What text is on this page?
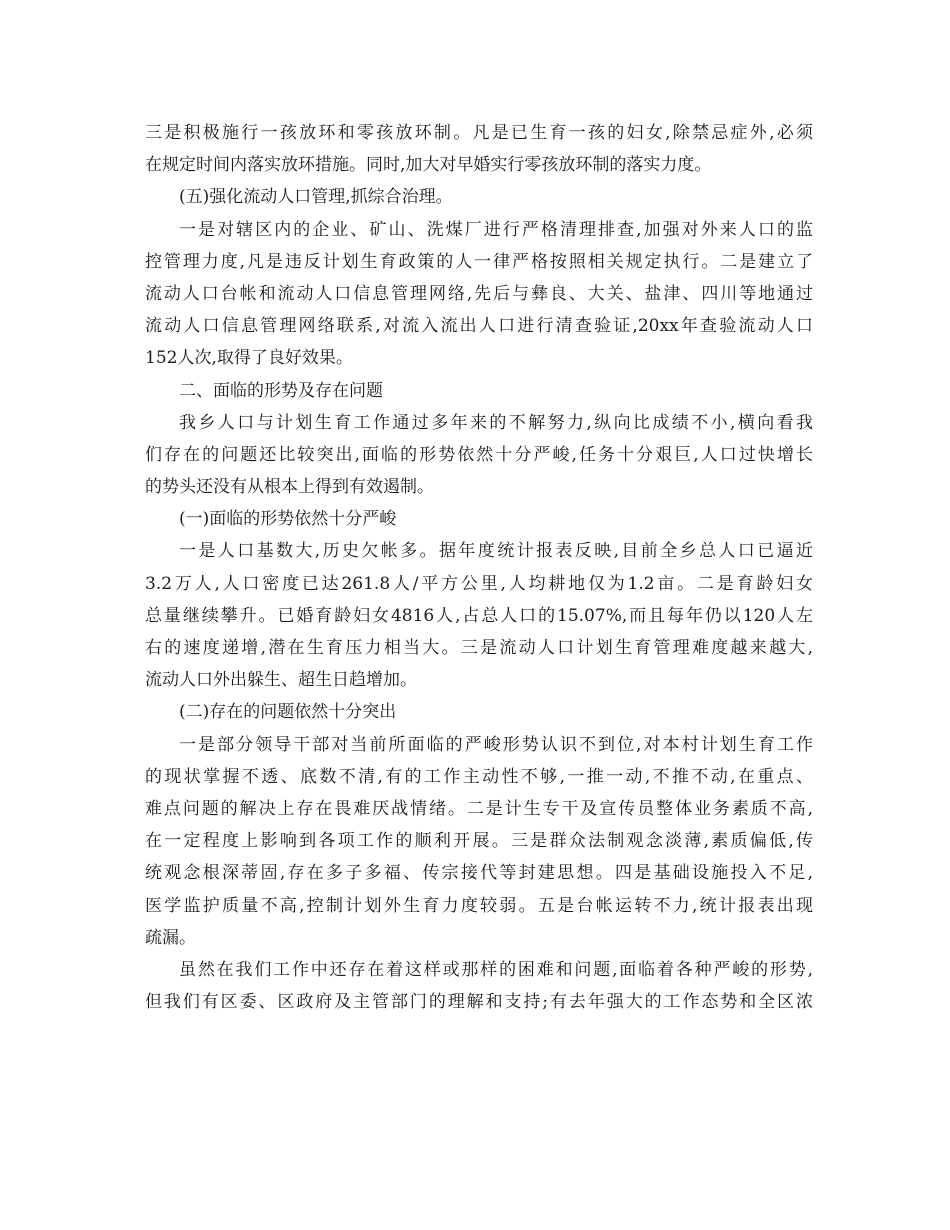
三是积极施行一孩放环和零孩放环制。凡是已生育一孩的妇女,除禁忌症外,必须
在规定时间内落实放环措施。同时,加大对早婚实行零孩放环制的落实力度。
(五)强化流动人口管理,抓综合治理。
一是对辖区内的企业、矿山、洗煤厂进行严格清理排查,加强对外来人口的监
控管理力度,凡是违反计划生育政策的人一律严格按照相关规定执行。二是建立了
流动人口台帐和流动人口信息管理网络,先后与彝良、大关、盐津、四川等地通过
流动人口信息管理网络联系,对流入流出人口进行清查验证,20xx年查验流动人口
152人次,取得了良好效果。
二、面临的形势及存在问题
我乡人口与计划生育工作通过多年来的不解努力,纵向比成绩不小,横向看我
们存在的问题还比较突出,面临的形势依然十分严峻,任务十分艰巨,人口过快增长
的势头还没有从根本上得到有效遏制。
(一)面临的形势依然十分严峻
一是人口基数大,历史欠帐多。据年度统计报表反映,目前全乡总人口已逼近
3.2万人,人口密度已达261.8人/平方公里,人均耕地仅为1.2亩。二是育龄妇女
总量继续攀升。已婚育龄妇女4816人,占总人口的15.07%,而且每年仍以120人左
右的速度递增,潜在生育压力相当大。三是流动人口计划生育管理难度越来越大,
流动人口外出躲生、超生日趋增加。
(二)存在的问题依然十分突出
一是部分领导干部对当前所面临的严峻形势认识不到位,对本村计划生育工作
的现状掌握不透、底数不清,有的工作主动性不够,一推一动,不推不动,在重点、
难点问题的解决上存在畏难厌战情绪。二是计生专干及宣传员整体业务素质不高,
在一定程度上影响到各项工作的顺利开展。三是群众法制观念淡薄,素质偏低,传
统观念根深蒂固,存在多子多福、传宗接代等封建思想。四是基础设施投入不足,
医学监护质量不高,控制计划外生育力度较弱。五是台帐运转不力,统计报表出现
疏漏。
虽然在我们工作中还存在着这样或那样的困难和问题,面临着各种严峻的形势,
但我们有区委、区政府及主管部门的理解和支持;有去年强大的工作态势和全区浓
